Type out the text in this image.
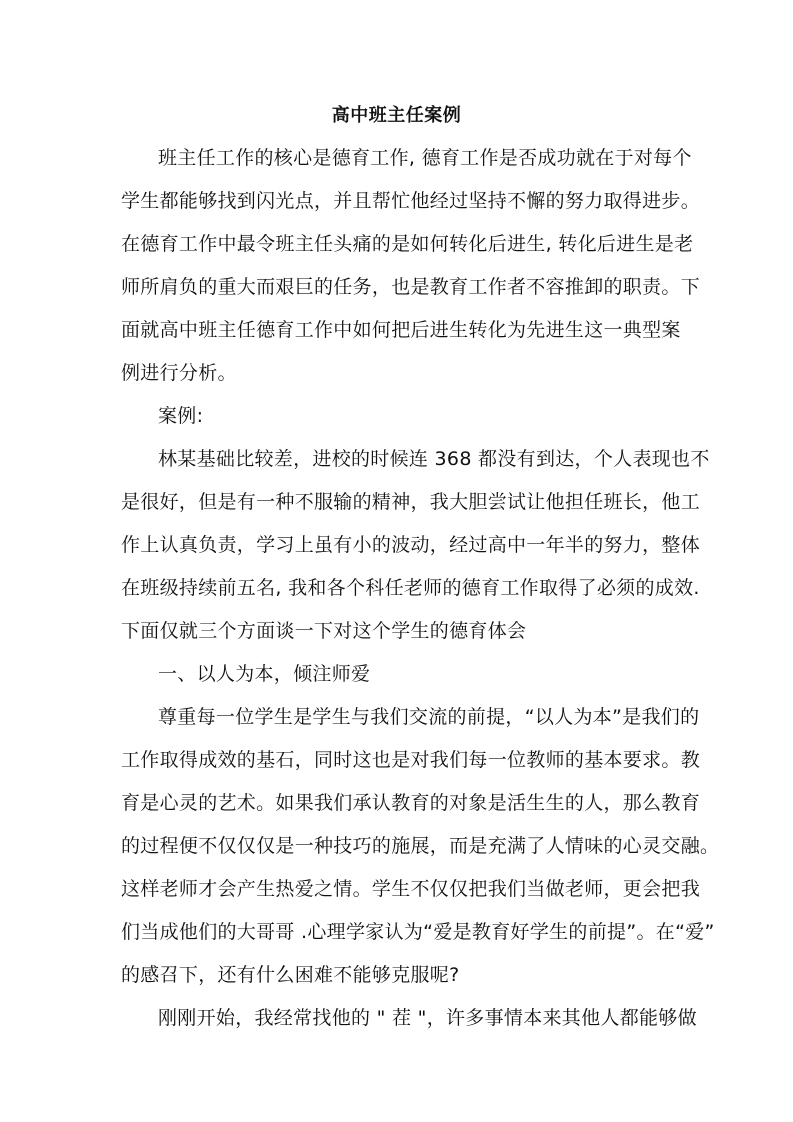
高中班主任案例
班主任工作的核心是德育工作, 德育工作是否成功就在于对每个
学生都能够找到闪光点，并且帮忙他经过坚持不懈的努力取得进步。
在德育工作中最令班主任头痛的是如何转化后进生, 转化后进生是老
师所肩负的重大而艰巨的任务，也是教育工作者不容推卸的职责。下
面就高中班主任德育工作中如何把后进生转化为先进生这一典型案
例进行分析。
案例:
林某基础比较差，进校的时候连 368 都没有到达，个人表现也不
是很好，但是有一种不服输的精神，我大胆尝试让他担任班长，他工
作上认真负责，学习上虽有小的波动，经过高中一年半的努力，整体
在班级持续前五名, 我和各个科任老师的德育工作取得了必须的成效.
下面仅就三个方面谈一下对这个学生的德育体会
一、以人为本，倾注师爱
尊重每一位学生是学生与我们交流的前提，“以人为本”是我们的
工作取得成效的基石，同时这也是对我们每一位教师的基本要求。教
育是心灵的艺术。如果我们承认教育的对象是活生生的人，那么教育
的过程便不仅仅仅是一种技巧的施展，而是充满了人情味的心灵交融。
这样老师才会产生热爱之情。学生不仅仅把我们当做老师，更会把我
们当成他们的大哥哥 .心理学家认为“爱是教育好学生的前提”。在“爱”
的感召下，还有什么困难不能够克服呢?
刚刚开始，我经常找他的 " 茬 "，许多事情本来其他人都能够做
